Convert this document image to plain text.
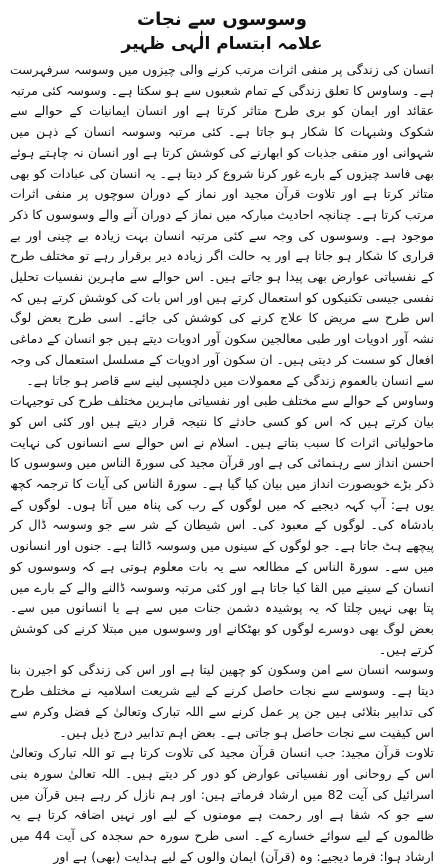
وسوسوں سے نجات
علامہ ابتسام الٰہی ظہیر

انسان کی زندگی پر منفی اثرات مرتب کرنے والی چیزوں میں وسوسہ سرفہرست ہے۔ وساوس کا تعلق زندگی کے تمام شعبوں سے ہو سکتا ہے۔ وسوسہ کئی مرتبہ عقائد اور ایمان کو بری طرح متاثر کرتا ہے اور انسان ایمانیات کے حوالے سے شکوک وشبہات کا شکار ہو جاتا ہے۔ کئی مرتبہ وسوسہ انسان کے ذہن میں شہوانی اور منفی جذبات کو ابھارنے کی کوشش کرتا ہے اور انسان نہ چاہتے ہوئے بھی فاسد چیزوں کے بارے غور کرنا شروع کر دیتا ہے۔ یہ انسان کی عبادات کو بھی متاثر کرتا ہے اور تلاوت قرآن مجید اور نماز کے دوران سوچوں پر منفی اثرات مرتب کرتا ہے۔ چنانچہ احادیث مبارکہ میں نماز کے دوران آنے والے وسوسوں کا ذکر موجود ہے۔ وسوسوں کی وجہ سے کئی مرتبہ انسان بہت زیادہ بے چینی اور بے قراری کا شکار ہو جاتا ہے اور یہ حالت اگر زیادہ دیر برقرار رہے تو مختلف طرح کے نفسیاتی عوارض بھی پیدا ہو جاتے ہیں۔ اس حوالے سے ماہرین نفسیات تحلیل نفسی جیسی تکنیکوں کو استعمال کرتے ہیں اور اس بات کی کوشش کرتے ہیں کہ اس طرح سے مریض کا علاج کرنے کی کوشش کی جائے۔ اسی طرح بعض لوگ نشہ آور ادویات اور طبی معالجین سکون آور ادویات دیتے ہیں جو انسان کے دماغی افعال کو سست کر دیتی ہیں۔ ان سکون آور ادویات کے مسلسل استعمال کی وجہ سے انسان بالعموم زندگی کے معمولات میں دلچسپی لینے سے قاصر ہو جاتا ہے۔

وساوس کے حوالے سے مختلف طبی اور نفسیاتی ماہرین مختلف طرح کی توجیہات بیان کرتے ہیں کہ اس کو کسی حادثے کا نتیجہ قرار دیتے ہیں اور کئی اس کو ماحولیاتی اثرات کا سبب بتاتے ہیں۔ اسلام نے اس حوالے سے انسانوں کی نہایت احسن انداز سے رہنمائی کی ہے اور قرآن مجید کی سورۃ الناس میں وسوسوں کا ذکر بڑے خوبصورت انداز میں بیان کیا گیا ہے۔ سورۃ الناس کی آیات کا ترجمہ کچھ یوں ہے: آپ کہہ دیجیے کہ میں لوگوں کے رب کی پناہ میں آتا ہوں۔ لوگوں کے بادشاہ کی۔ لوگوں کے معبود کی۔ اس شیطان کے شر سے جو وسوسہ ڈال کر پیچھے ہٹ جاتا ہے۔ جو لوگوں کے سینوں میں وسوسہ ڈالتا ہے۔ جنوں اور انسانوں میں سے۔ سورۃ الناس کے مطالعہ سے یہ بات معلوم ہوتی ہے کہ وسوسوں کو انسان کے سینے میں القا کیا جاتا ہے اور کئی مرتبہ وسوسہ ڈالنے والے کے بارے میں پتا بھی نہیں چلتا کہ یہ پوشیدہ دشمن جنات میں سے ہے یا انسانوں میں سے۔ بعض لوگ بھی دوسرے لوگوں کو بھٹکانے اور وسوسوں میں مبتلا کرنے کی کوشش کرتے ہیں۔

وسوسہ انسان سے امن وسکون کو چھین لیتا ہے اور اس کی زندگی کو اجیرن بنا دیتا ہے۔ وسوسے سے نجات حاصل کرنے کے لیے شریعت اسلامیہ نے مختلف طرح کی تدابیر بتلائی ہیں جن پر عمل کرنے سے اللہ تبارک وتعالیٰ کے فضل وکرم سے اس کیفیت سے نجات حاصل ہو جاتی ہے۔ بعض اہم تدابیر درج ذیل ہیں۔

تلاوت قرآن مجید: جب انسان قرآن مجید کی تلاوت کرتا ہے تو اللہ تبارک وتعالیٰ اس کے روحانی اور نفسیاتی عوارض کو دور کر دیتے ہیں۔ اللہ تعالیٰ سورہ بنی اسرائیل کی آیت 82 میں ارشاد فرماتے ہیں: اور ہم نازل کر رہے ہیں قرآن میں سے جو کہ شفا ہے اور رحمت ہے مومنوں کے لیے اور نہیں اضافہ کرتا ہے یہ ظالموں کے لیے سوائے خسارے کے۔ اسی طرح سورہ حم سجدہ کی آیت 44 میں ارشاد ہوا: فرما دیجیے: وہ (قرآن) ایمان والوں کے لیے ہدایت (بھی) ہے اور
